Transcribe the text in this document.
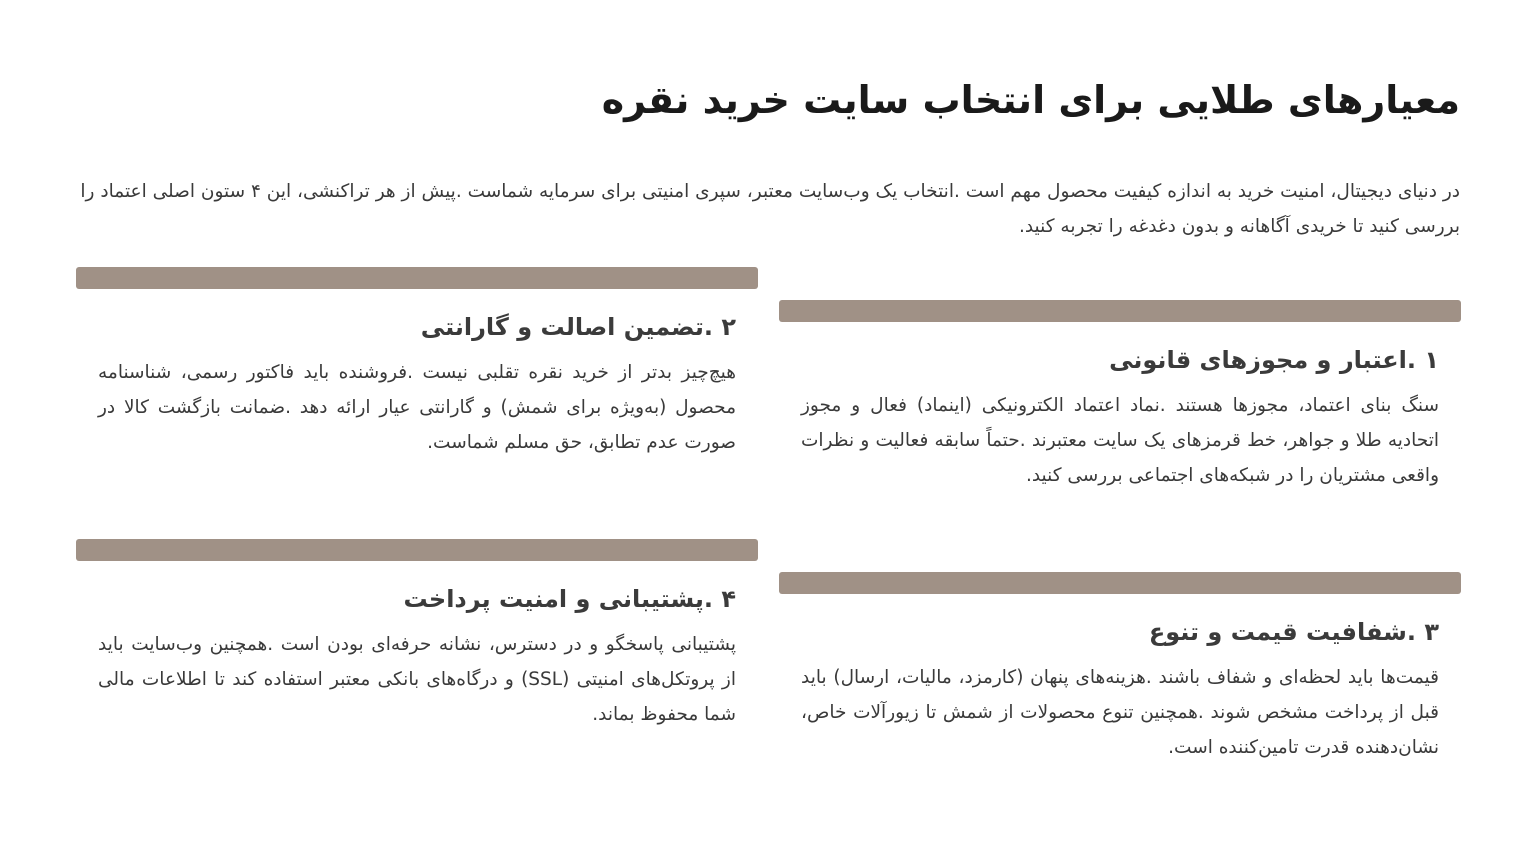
معیارهای طلایی برای انتخاب سایت خرید نقره

در دنیای دیجیتال، امنیت خرید به اندازه کیفیت محصول مهم است .انتخاب یک وب‌سایت معتبر، سپری امنیتی برای سرمایه شماست .پیش از هر تراکنشی، این ۴ ستون اصلی اعتماد را بررسی کنید تا خریدی آگاهانه و بدون دغدغه را تجربه کنید.

۱ .اعتبار و مجوزهای قانونی
سنگ بنای اعتماد، مجوزها هستند .نماد اعتماد الکترونیکی (اینماد) فعال و مجوز اتحادیه طلا و جواهر، خط قرمزهای یک سایت معتبرند .حتماً سابقه فعالیت و نظرات واقعی مشتریان را در شبکه‌های اجتماعی بررسی کنید.
۲ .تضمین اصالت و گارانتی
هیچ‌چیز بدتر از خرید نقره تقلبی نیست .فروشنده باید فاکتور رسمی، شناسنامه محصول (به‌ویژه برای شمش) و گارانتی عیار ارائه دهد .ضمانت بازگشت کالا در صورت عدم تطابق، حق مسلم شماست.
۳ .شفافیت قیمت و تنوع
قیمت‌ها باید لحظه‌ای و شفاف باشند .هزینه‌های پنهان (کارمزد، مالیات، ارسال) باید قبل از پرداخت مشخص شوند .همچنین تنوع محصولات از شمش تا زیورآلات خاص، نشان‌دهنده قدرت تامین‌کننده است.
۴ .پشتیبانی و امنیت پرداخت
پشتیبانی پاسخگو و در دسترس، نشانه حرفه‌ای بودن است .همچنین وب‌سایت باید از پروتکل‌های امنیتی (SSL) و درگاه‌های بانکی معتبر استفاده کند تا اطلاعات مالی شما محفوظ بماند.
